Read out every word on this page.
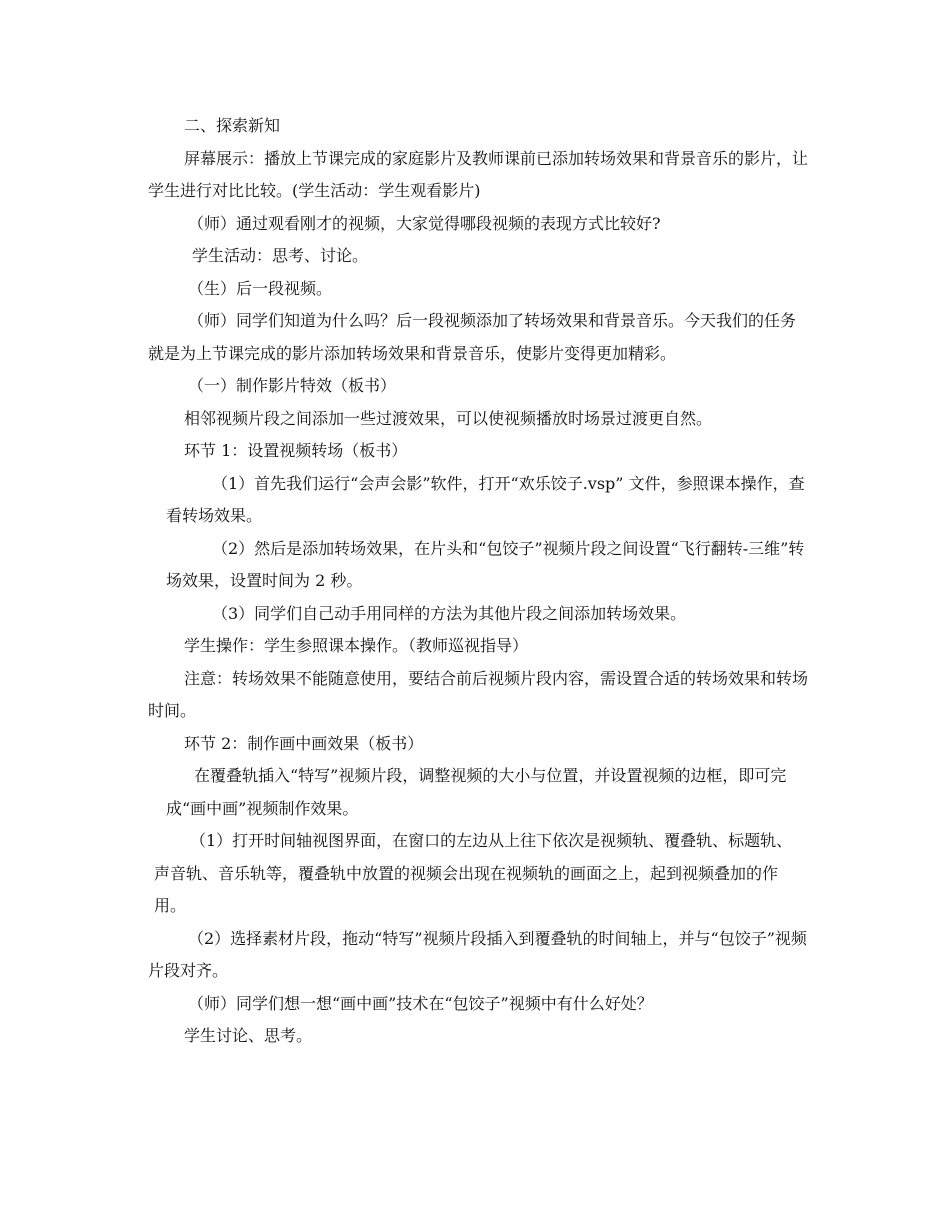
二、探索新知

屏幕展示：播放上节课完成的家庭影片及教师课前已添加转场效果和背景音乐的影片，让学生进行对比比较。(学生活动：学生观看影片)

（师）通过观看刚才的视频，大家觉得哪段视频的表现方式比较好?

学生活动：思考、讨论。

（生）后一段视频。

（师）同学们知道为什么吗？后一段视频添加了转场效果和背景音乐。今天我们的任务就是为上节课完成的影片添加转场效果和背景音乐，使影片变得更加精彩。

（一）制作影片特效（板书）

相邻视频片段之间添加一些过渡效果，可以使视频播放时场景过渡更自然。

环节 1：设置视频转场（板书）

（1）首先我们运行“会声会影”软件，打开“欢乐饺子.vsp” 文件，参照课本操作，查看转场效果。

（2）然后是添加转场效果，在片头和“包饺子”视频片段之间设置“飞行翻转-三维”转场效果，设置时间为 2 秒。

（3）同学们自己动手用同样的方法为其他片段之间添加转场效果。

学生操作：学生参照课本操作。（教师巡视指导）

注意：转场效果不能随意使用，要结合前后视频片段内容，需设置合适的转场效果和转场时间。

环节 2：制作画中画效果（板书）

在覆叠轨插入“特写”视频片段，调整视频的大小与位置，并设置视频的边框，即可完成“画中画”视频制作效果。

（1）打开时间轴视图界面，在窗口的左边从上往下依次是视频轨、覆叠轨、标题轨、声音轨、音乐轨等，覆叠轨中放置的视频会出现在视频轨的画面之上，起到视频叠加的作用。

（2）选择素材片段，拖动“特写”视频片段插入到覆叠轨的时间轴上，并与“包饺子”视频片段对齐。

（师）同学们想一想“画中画”技术在“包饺子”视频中有什么好处？

学生讨论、思考。
